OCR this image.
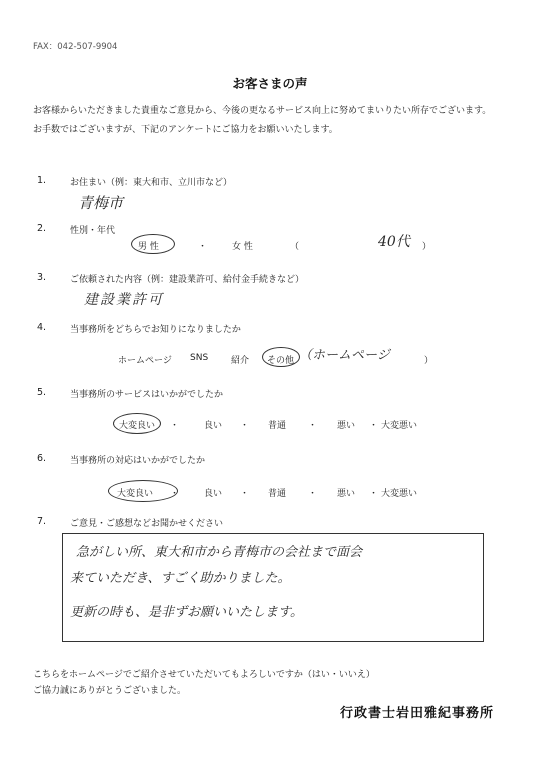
FAX：042-507-9904
お客さまの声
お客様からいただきました貴重なご意見から、今後の更なるサービス向上に努めてまいりたい所存でございます。
お手数ではございますが、下記のアンケートにご協力をお願いいたします。
1.	お住まい（例：東大和市、立川市など）
青梅市
2.	性別・年代
男 性	・	女 性	（	40代 ）
3.	ご依頼された内容（例：建設業許可、給付金手続きなど）
建設業許可
4.	当事務所をどちらでお知りになりましたか
ホームページ SNS	紹介 その他 （ホームページ	）
5.	当事務所のサービスはいかがでしたか
大変良い ・	良い ・ 普通 ・ 悪い ・ 大変悪い
6.	当事務所の対応はいかがでしたか
大変良い ・	良い ・ 普通 ・ 悪い ・ 大変悪い
7.	ご意見・ご感想などお聞かせください
急がしい所、東大和市から青梅市の会社まで面会
来ていただき、すごく助かりました。
更新の時も、是非ずお願いいたします。
こちらをホームページでご紹介させていただいてもよろしいですか（はい・いいえ）
ご協力誠にありがとうございました。
行政書士岩田雅紀事務所
